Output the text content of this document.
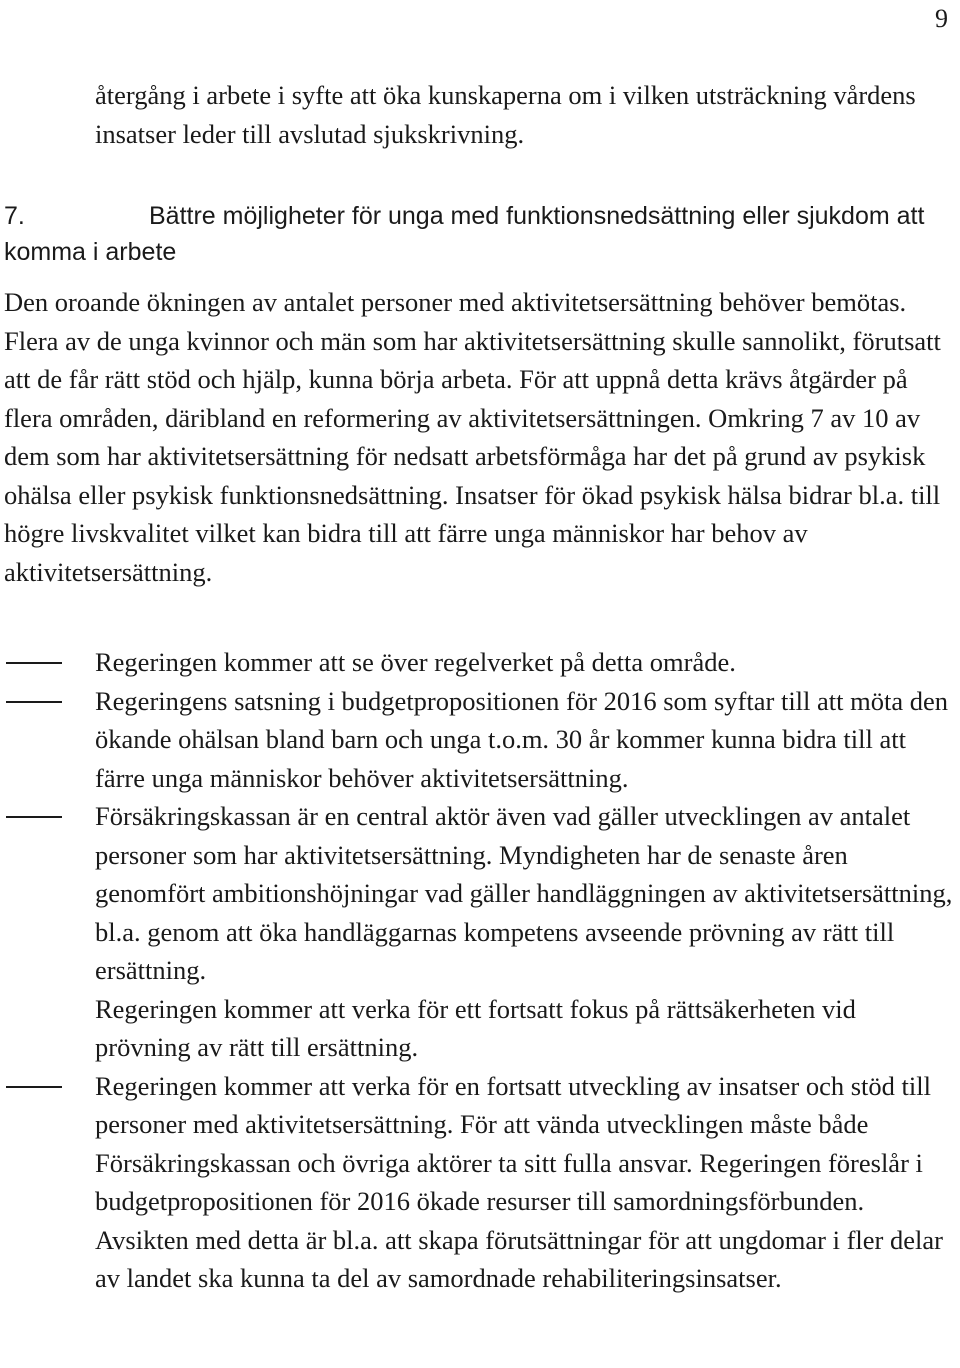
9

återgång i arbete i syfte att öka kunskaperna om i vilken utsträckning vårdens insatser leder till avslutad sjukskrivning.

7.	Bättre möjligheter för unga med funktionsnedsättning eller sjukdom att komma i arbete

Den oroande ökningen av antalet personer med aktivitetsersättning behöver bemötas. Flera av de unga kvinnor och män som har aktivitetsersättning skulle sannolikt, förutsatt att de får rätt stöd och hjälp, kunna börja arbeta. För att uppnå detta krävs åtgärder på flera områden, däribland en reformering av aktivitetsersättningen. Omkring 7 av 10 av dem som har aktivitetsersättning för nedsatt arbetsförmåga har det på grund av psykisk ohälsa eller psykisk funktionsnedsättning. Insatser för ökad psykisk hälsa bidrar bl.a. till högre livskvalitet vilket kan bidra till att färre unga människor har behov av aktivitetsersättning.

Regeringen kommer att se över regelverket på detta område.

Regeringens satsning i budgetpropositionen för 2016 som syftar till att möta den ökande ohälsan bland barn och unga t.o.m. 30 år kommer kunna bidra till att färre unga människor behöver aktivitetsersättning.

Försäkringskassan är en central aktör även vad gäller utvecklingen av antalet personer som har aktivitetsersättning. Myndigheten har de senaste åren genomfört ambitionshöjningar vad gäller handläggningen av aktivitetsersättning, bl.a. genom att öka handläggarnas kompetens avseende prövning av rätt till ersättning.

Regeringen kommer att verka för ett fortsatt fokus på rättsäkerheten vid prövning av rätt till ersättning.

Regeringen kommer att verka för en fortsatt utveckling av insatser och stöd till personer med aktivitetsersättning. För att vända utvecklingen måste både Försäkringskassan och övriga aktörer ta sitt fulla ansvar. Regeringen föreslår i budgetpropositionen för 2016 ökade resurser till samordningsförbunden. Avsikten med detta är bl.a. att skapa förutsättningar för att ungdomar i fler delar av landet ska kunna ta del av samordnade rehabiliteringsinsatser.
